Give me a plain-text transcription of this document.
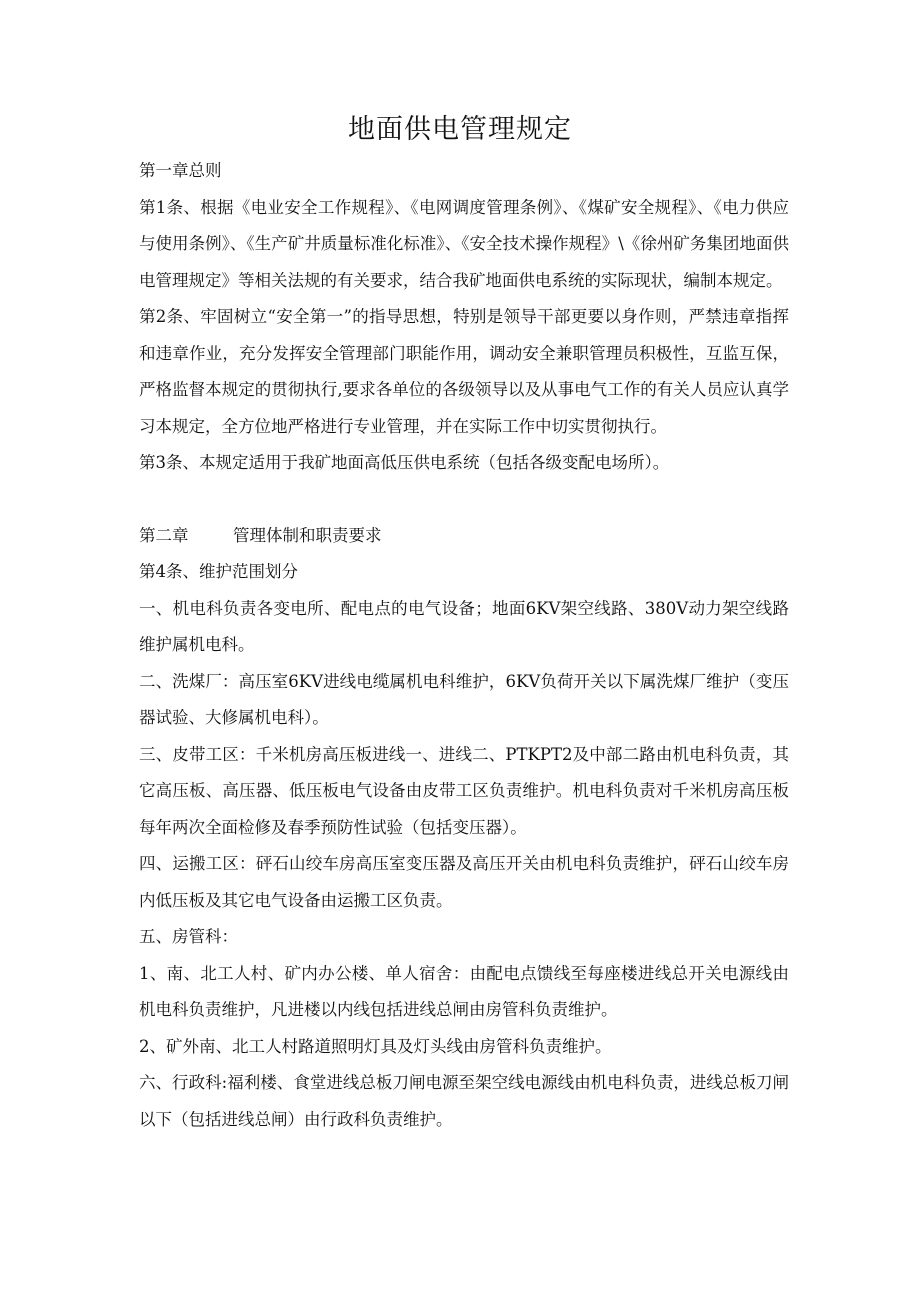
地面供电管理规定

第一章总则

第1条、根据《电业安全工作规程》、《电网调度管理条例》、《煤矿安全规程》、《电力供应与使用条例》、《生产矿井质量标准化标准》、《安全技术操作规程》\《徐州矿务集团地面供电管理规定》等相关法规的有关要求，结合我矿地面供电系统的实际现状，编制本规定。

第2条、牢固树立“安全第一”的指导思想，特别是领导干部更要以身作则，严禁违章指挥和违章作业，充分发挥安全管理部门职能作用，调动安全兼职管理员积极性，互监互保，严格监督本规定的贯彻执行,要求各单位的各级领导以及从事电气工作的有关人员应认真学习本规定，全方位地严格进行专业管理，并在实际工作中切实贯彻执行。

第3条、本规定适用于我矿地面高低压供电系统（包括各级变配电场所）。

第二章	管理体制和职责要求

第4条、维护范围划分

一、机电科负责各变电所、配电点的电气设备；地面6KV架空线路、380V动力架空线路维护属机电科。

二、洗煤厂：高压室6KV进线电缆属机电科维护，6KV负荷开关以下属洗煤厂维护（变压器试验、大修属机电科）。

三、皮带工区：千米机房高压板进线一、进线二、PTKPT2及中部二路由机电科负责，其它高压板、高压器、低压板电气设备由皮带工区负责维护。机电科负责对千米机房高压板每年两次全面检修及春季预防性试验（包括变压器）。

四、运搬工区：砰石山绞车房高压室变压器及高压开关由机电科负责维护，砰石山绞车房内低压板及其它电气设备由运搬工区负责。

五、房管科：

1、南、北工人村、矿内办公楼、单人宿舍：由配电点馈线至每座楼进线总开关电源线由机电科负责维护，凡进楼以内线包括进线总闸由房管科负责维护。

2、矿外南、北工人村路道照明灯具及灯头线由房管科负责维护。

六、行政科:福利楼、食堂进线总板刀闸电源至架空线电源线由机电科负责，进线总板刀闸以下（包括进线总闸）由行政科负责维护。
